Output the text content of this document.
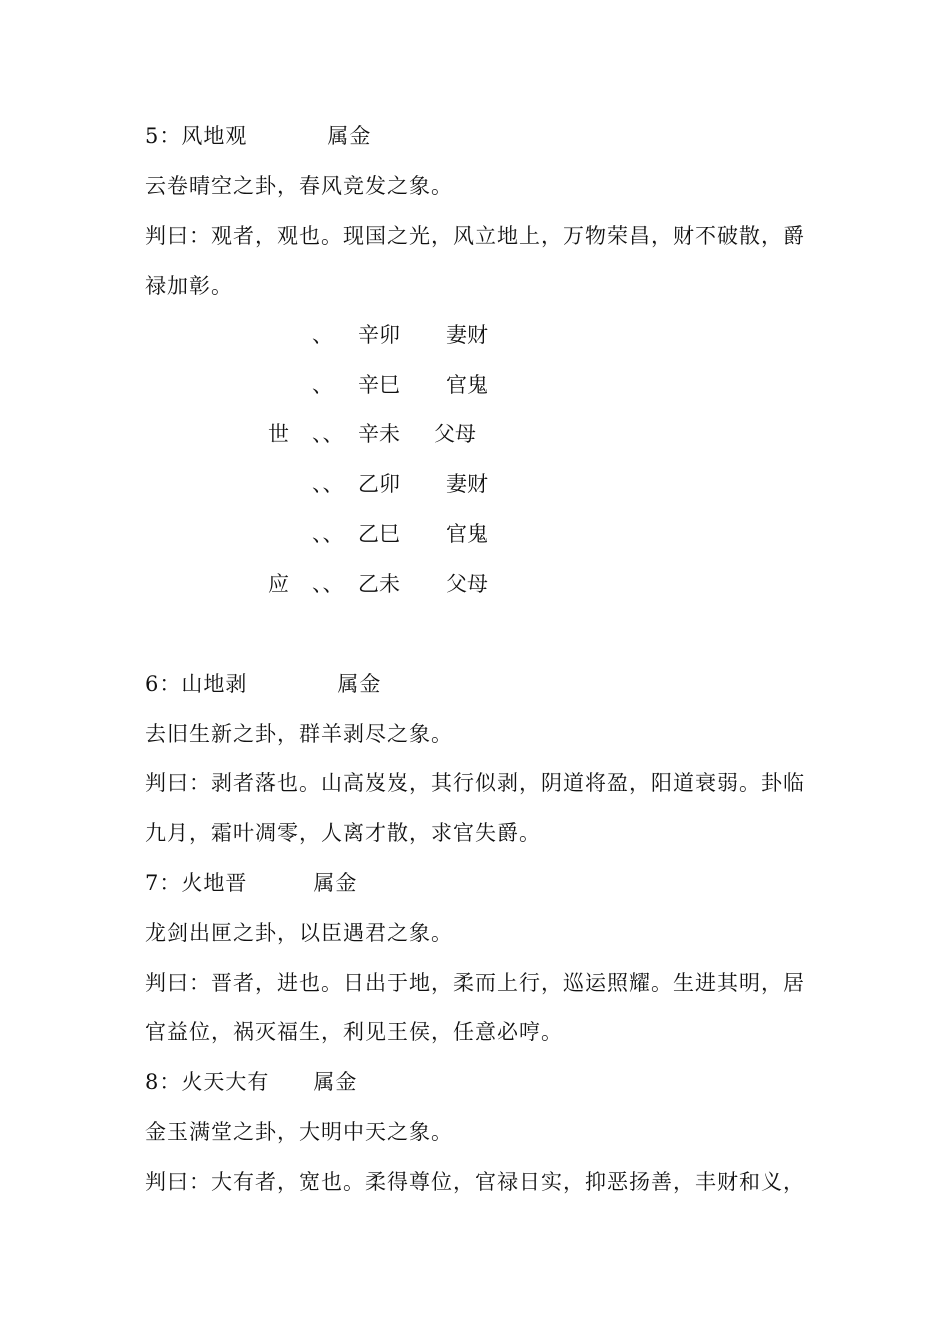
5：风地观	属金
云卷晴空之卦，春风竞发之象。
判曰：观者，观也。现国之光，风立地上，万物荣昌，财不破散，爵
禄加彰。
、 辛卯 妻财
、 辛巳 官鬼
世 、、 辛未 父母
、、 乙卯 妻财
、、 乙巳 官鬼
应 、、 乙未 父母
6：山地剥	属金
去旧生新之卦，群羊剥尽之象。
判曰：剥者落也。山高岌岌，其行似剥，阴道将盈，阳道衰弱。卦临
九月，霜叶凋零，人离才散，求官失爵。
7：火地晋	属金
龙剑出匣之卦，以臣遇君之象。
判曰：晋者，进也。日出于地，柔而上行，巡运照耀。生进其明，居
官益位，祸灭福生，利见王侯，任意必哼。
8：火天大有 属金
金玉满堂之卦，大明中天之象。
判曰：大有者，宽也。柔得尊位，官禄日实，抑恶扬善，丰财和义，
